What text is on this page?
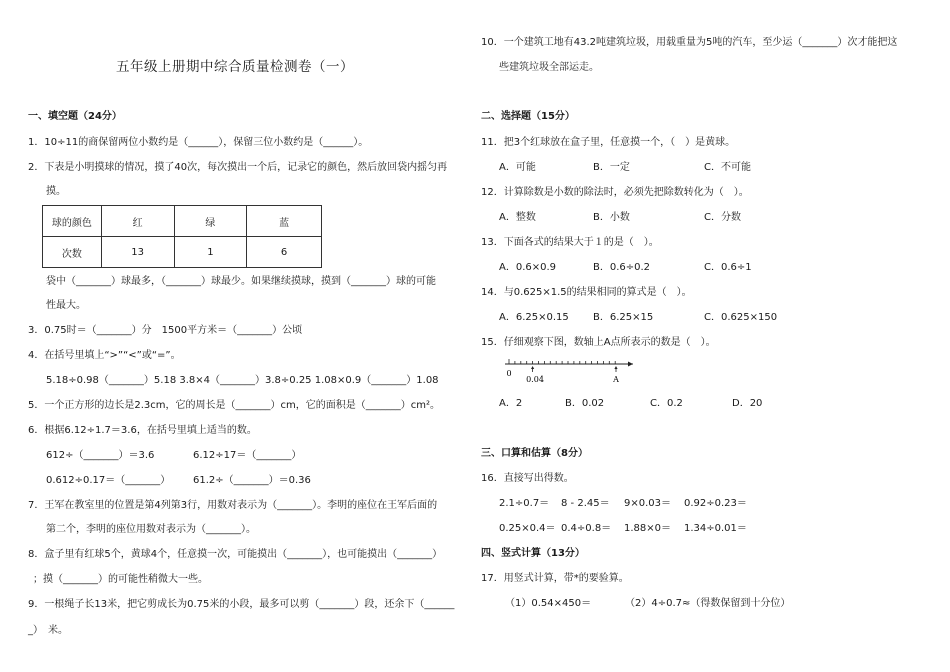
五年级上册期中综合质量检测卷（一）
一、填空题（24分）
1．10÷11的商保留两位小数约是（______），保留三位小数约是（______）。
2．下表是小明摸球的情况，摸了40次，每次摸出一个后，记录它的颜色，然后放回袋内摇匀再
摸。
球的颜色	红	绿	蓝
次数	13	1	6
袋中（_______）球最多，（_______）球最少。如果继续摸球，摸到（_______）球的可能
性最大。
3．0.75时＝（_______）分　1500平方米＝（_______）公顷
4．在括号里填上“>”“<”或“=”。
5.18÷0.98（_______）5.18 3.8×4（_______）3.8÷0.25 1.08×0.9（_______）1.08
5．一个正方形的边长是2.3cm，它的周长是（_______）cm，它的面积是（_______）cm²。
6．根据6.12÷1.7＝3.6，在括号里填上适当的数。
612÷（_______）＝3.6	6.12÷17＝（_______）
0.612÷0.17＝（_______） 61.2÷（_______）＝0.36
7．王军在教室里的位置是第4列第3行，用数对表示为（_______）。李明的座位在王军后面的
第二个，李明的座位用数对表示为（_______）。
8．盒子里有红球5个，黄球4个，任意摸一次，可能摸出（_______），也可能摸出（_______）
；摸（_______）的可能性稍微大一些。
9．一根绳子长13米，把它剪成长为0.75米的小段，最多可以剪（_______）段，还余下（______
_）　米。
10．一个建筑工地有43.2吨建筑垃圾，用载重量为5吨的汽车，至少运（_______）次才能把这
些建筑垃圾全部运走。
二、选择题（15分）
11．把3个红球放在盒子里，任意摸一个，（　）是黄球。
A．可能	B．一定	C．不可能
12．计算除数是小数的除法时，必须先把除数转化为（　）。
A．整数	B．小数	C．分数
13．下面各式的结果大于１的是（　）。
A．0.6×0.9	B．0.6÷0.2	C．0.6÷1
14．与0.625×1.5的结果相同的算式是（　）。
A．6.25×0.15 B．6.25×15	C．0.625×150
15．仔细观察下图，数轴上A点所表示的数是（　）。
0
0.04	A
A．2	B．0.02	C．0.2	D．20
三、口算和估算（8分）
16．直接写出得数。
2.1÷0.7＝ 8 - 2.45＝ 9×0.03＝ 0.92÷0.23＝
0.25×0.4＝ 0.4÷0.8＝ 1.88×0＝ 1.34÷0.01＝
四、竖式计算（13分）
17．用竖式计算，带*的要验算。
（1）0.54×450＝	（2）4÷0.7≈（得数保留到十分位）
